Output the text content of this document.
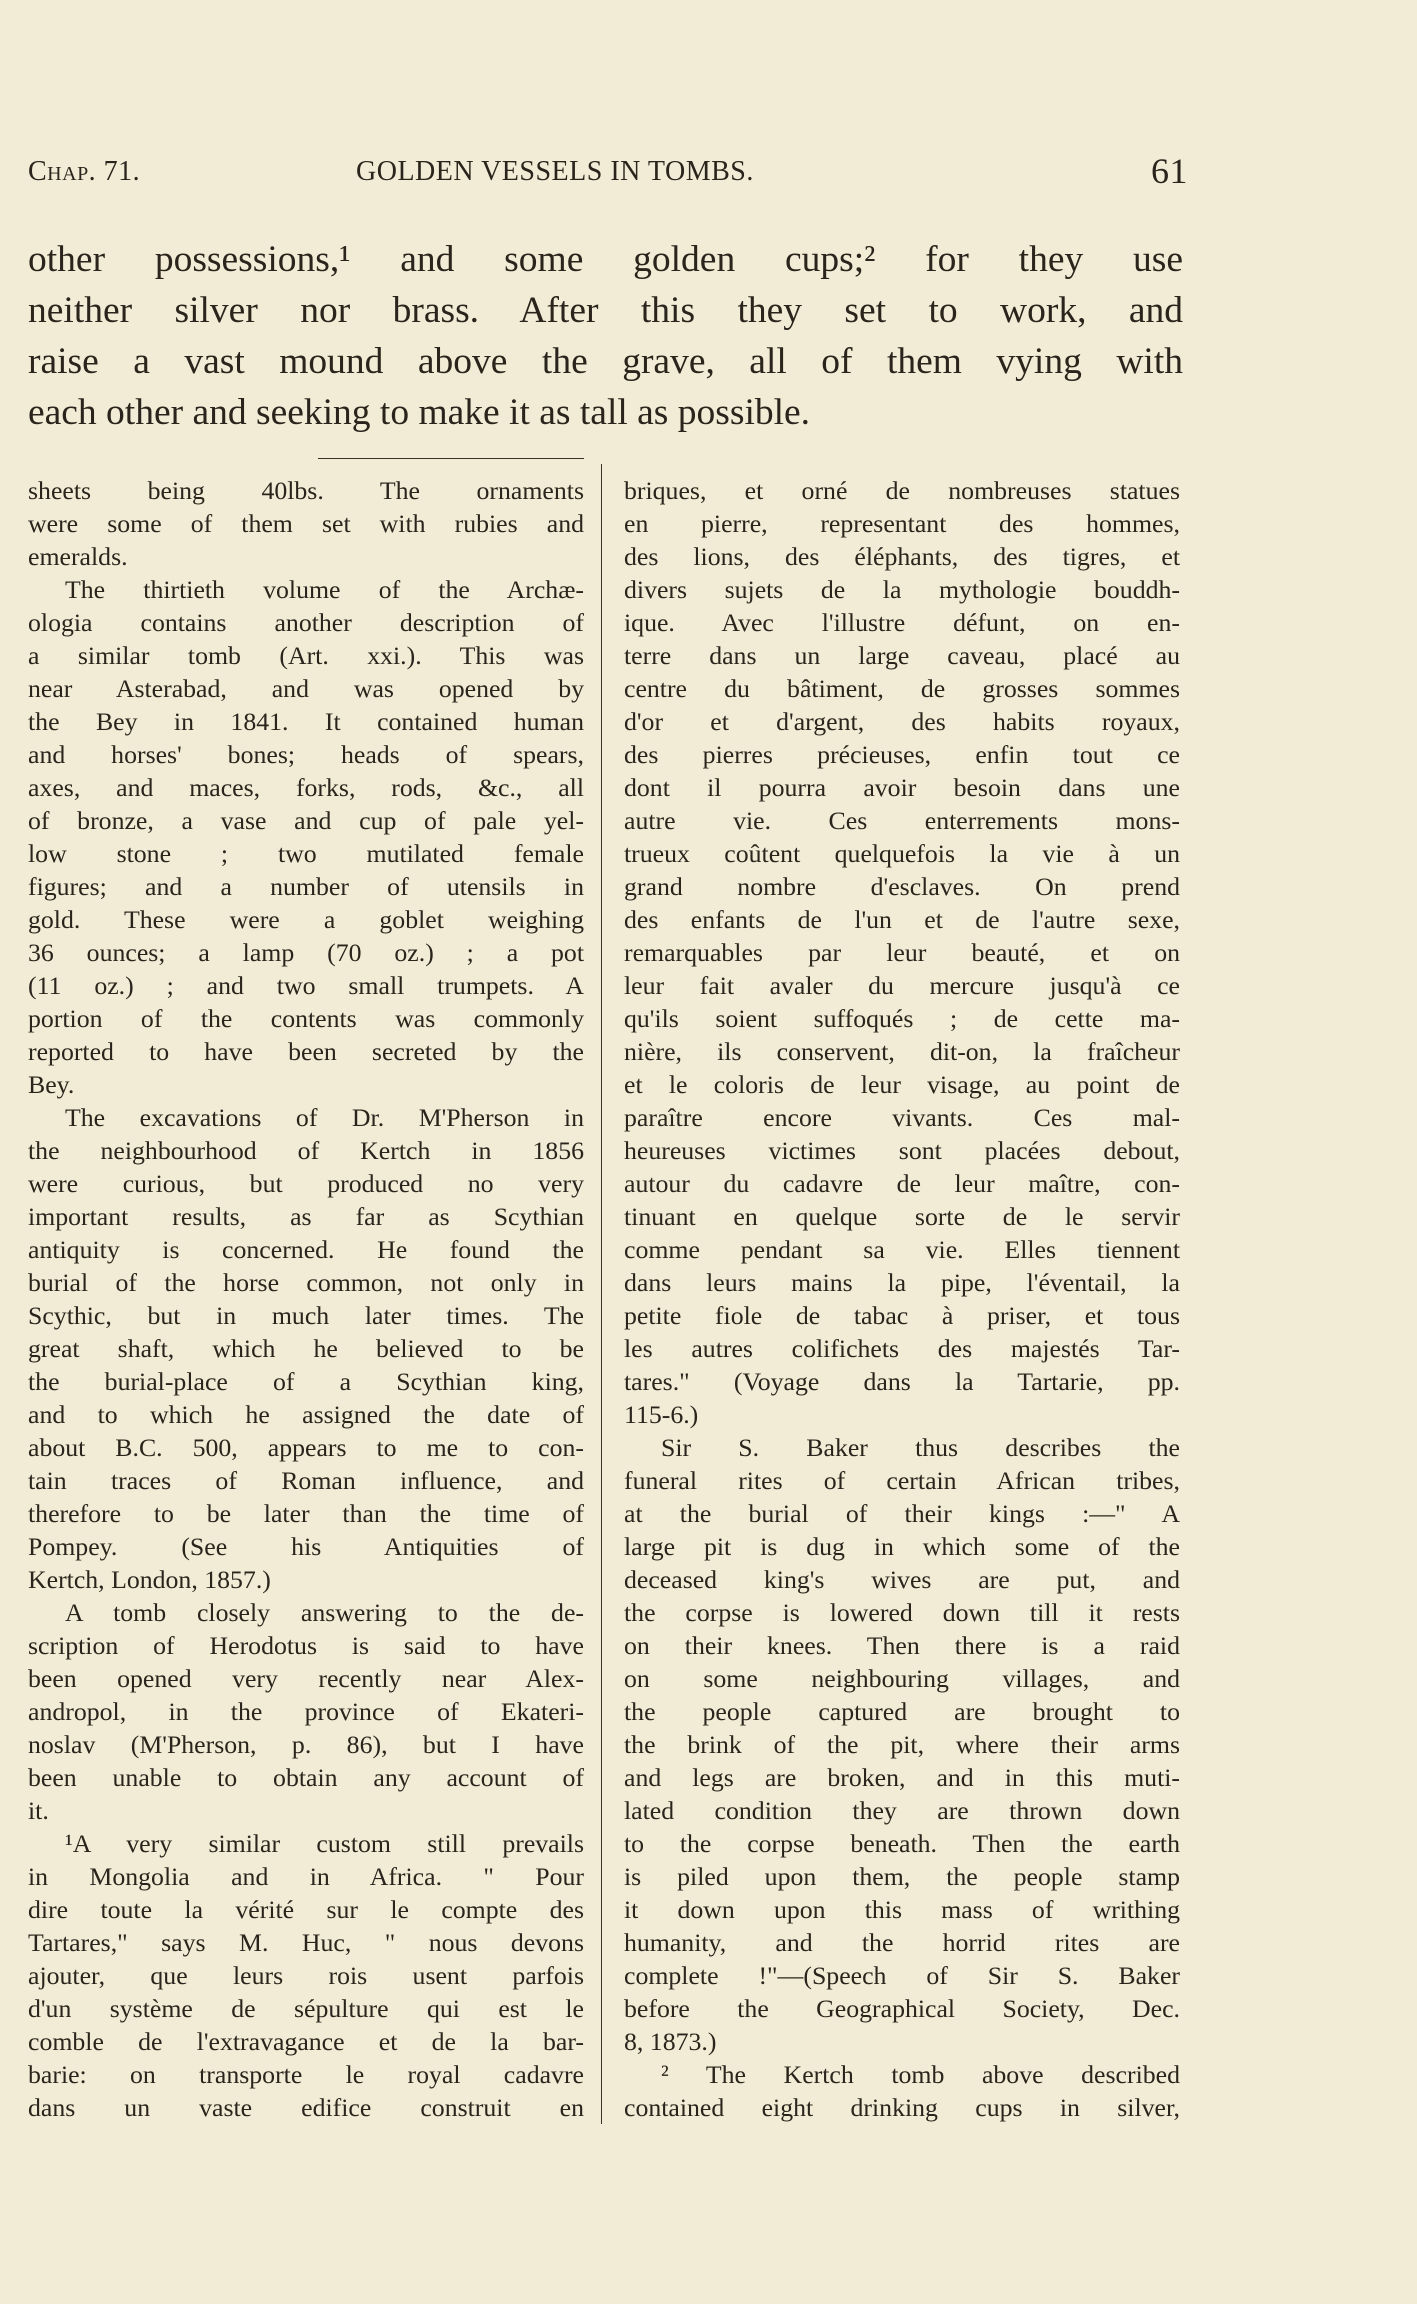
Chap. 71.	GOLDEN VESSELS IN TOMBS.	61
other possessions,¹ and some golden cups;² for they use
neither silver nor brass. After this they set to work, and
raise a vast mound above the grave, all of them vying with
each other and seeking to make it as tall as possible.
sheets being 40lbs. The ornaments
were some of them set with rubies and
emeralds.
The thirtieth volume of the Archæ-
ologia contains another description of
a similar tomb (Art. xxi.). This was
near Asterabad, and was opened by
the Bey in 1841. It contained human
and horses' bones; heads of spears,
axes, and maces, forks, rods, &c., all
of bronze, a vase and cup of pale yel-
low stone ; two mutilated female
figures; and a number of utensils in
gold. These were a goblet weighing
36 ounces; a lamp (70 oz.) ; a pot
(11 oz.) ; and two small trumpets. A
portion of the contents was commonly
reported to have been secreted by the
Bey.
The excavations of Dr. M'Pherson in
the neighbourhood of Kertch in 1856
were curious, but produced no very
important results, as far as Scythian
antiquity is concerned. He found the
burial of the horse common, not only in
Scythic, but in much later times. The
great shaft, which he believed to be
the burial-place of a Scythian king,
and to which he assigned the date of
about B.C. 500, appears to me to con-
tain traces of Roman influence, and
therefore to be later than the time of
Pompey. (See his Antiquities of
Kertch, London, 1857.)
A tomb closely answering to the de-
scription of Herodotus is said to have
been opened very recently near Alex-
andropol, in the province of Ekateri-
noslav (M'Pherson, p. 86), but I have
been unable to obtain any account of
it.
¹A very similar custom still prevails
in Mongolia and in Africa. " Pour
dire toute la vérité sur le compte des
Tartares," says M. Huc, " nous devons
ajouter, que leurs rois usent parfois
d'un système de sépulture qui est le
comble de l'extravagance et de la bar-
barie: on transporte le royal cadavre
dans un vaste edifice construit en
briques, et orné de nombreuses statues
en pierre, representant des hommes,
des lions, des éléphants, des tigres, et
divers sujets de la mythologie bouddh-
ique. Avec l'illustre défunt, on en-
terre dans un large caveau, placé au
centre du bâtiment, de grosses sommes
d'or et d'argent, des habits royaux,
des pierres précieuses, enfin tout ce
dont il pourra avoir besoin dans une
autre vie. Ces enterrements mons-
trueux coûtent quelquefois la vie à un
grand nombre d'esclaves. On prend
des enfants de l'un et de l'autre sexe,
remarquables par leur beauté, et on
leur fait avaler du mercure jusqu'à ce
qu'ils soient suffoqués ; de cette ma-
nière, ils conservent, dit-on, la fraîcheur
et le coloris de leur visage, au point de
paraître encore vivants. Ces mal-
heureuses victimes sont placées debout,
autour du cadavre de leur maître, con-
tinuant en quelque sorte de le servir
comme pendant sa vie. Elles tiennent
dans leurs mains la pipe, l'éventail, la
petite fiole de tabac à priser, et tous
les autres colifichets des majestés Tar-
tares." (Voyage dans la Tartarie, pp.
115-6.)
Sir S. Baker thus describes the
funeral rites of certain African tribes,
at the burial of their kings :—" A
large pit is dug in which some of the
deceased king's wives are put, and
the corpse is lowered down till it rests
on their knees. Then there is a raid
on some neighbouring villages, and
the people captured are brought to
the brink of the pit, where their arms
and legs are broken, and in this muti-
lated condition they are thrown down
to the corpse beneath. Then the earth
is piled upon them, the people stamp
it down upon this mass of writhing
humanity, and the horrid rites are
complete !"—(Speech of Sir S. Baker
before the Geographical Society, Dec.
8, 1873.)
² The Kertch tomb above described
contained eight drinking cups in silver,
